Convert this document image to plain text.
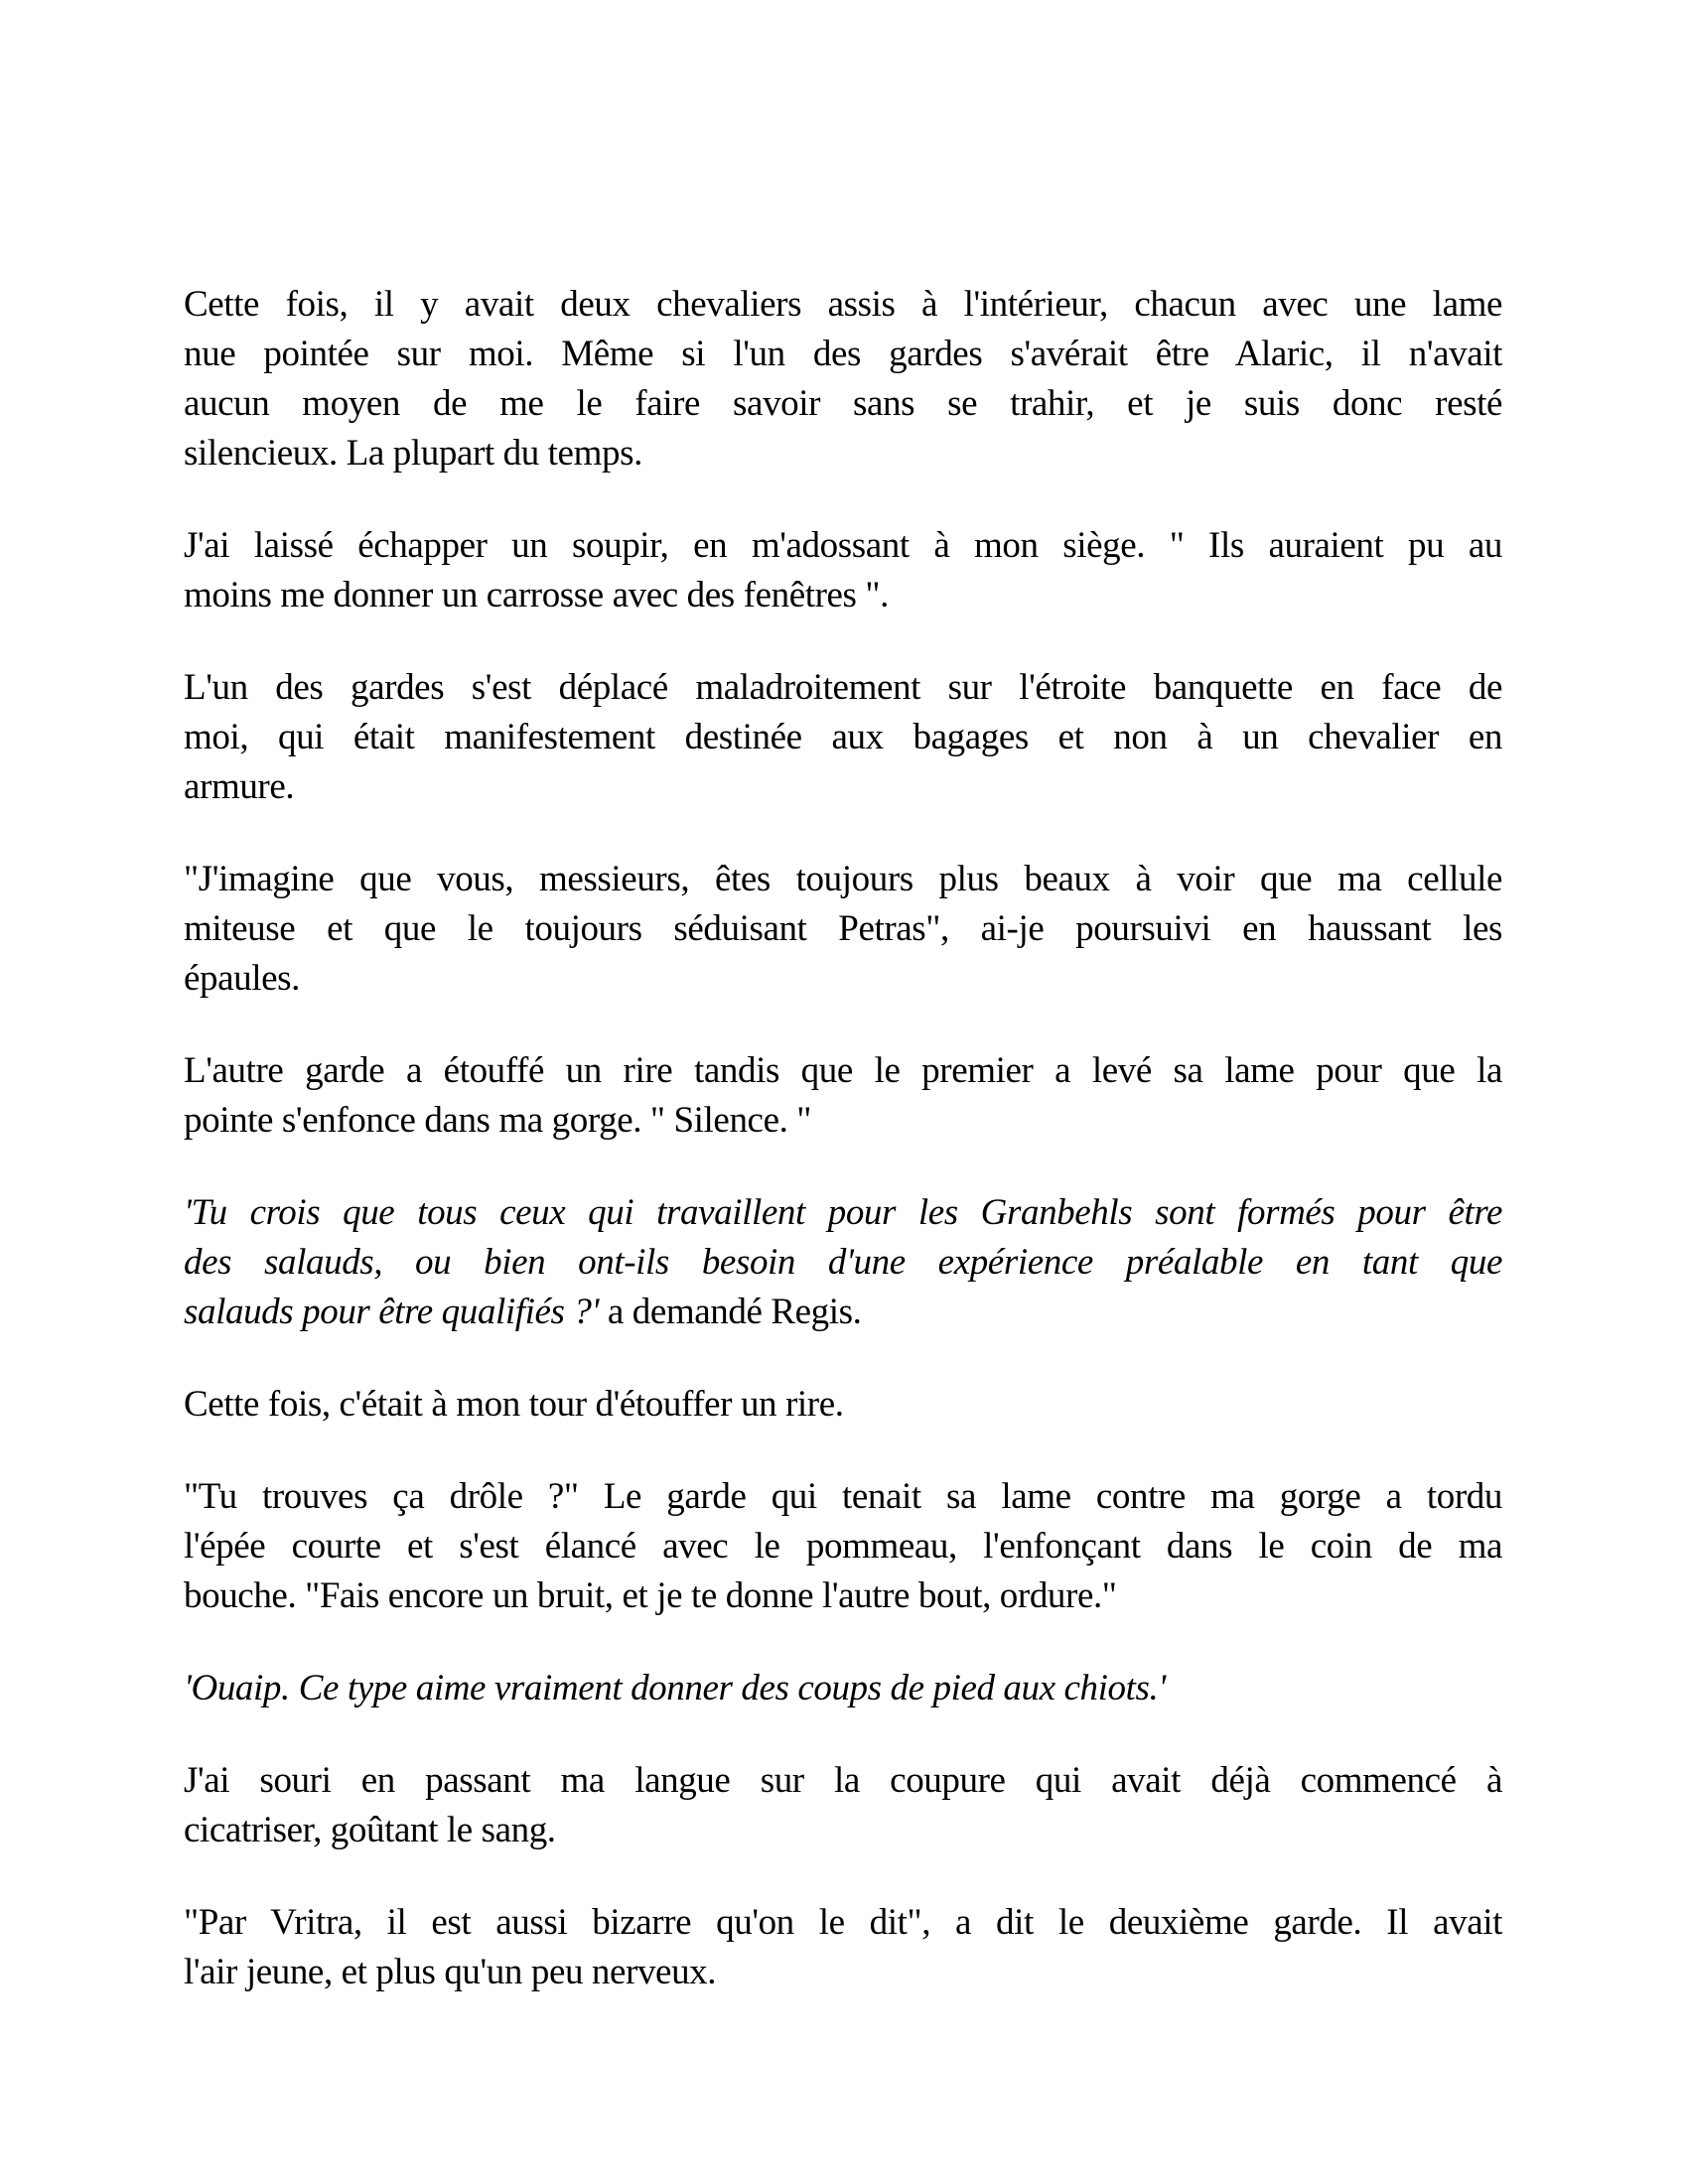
Cette fois, il y avait deux chevaliers assis à l'intérieur, chacun avec une lame
nue pointée sur moi. Même si l'un des gardes s'avérait être Alaric, il n'avait
aucun moyen de me le faire savoir sans se trahir, et je suis donc resté
silencieux. La plupart du temps.
J'ai laissé échapper un soupir, en m'adossant à mon siège. " Ils auraient pu au
moins me donner un carrosse avec des fenêtres ".
L'un des gardes s'est déplacé maladroitement sur l'étroite banquette en face de
moi, qui était manifestement destinée aux bagages et non à un chevalier en
armure.
"J'imagine que vous, messieurs, êtes toujours plus beaux à voir que ma cellule
miteuse et que le toujours séduisant Petras", ai-je poursuivi en haussant les
épaules.
L'autre garde a étouffé un rire tandis que le premier a levé sa lame pour que la
pointe s'enfonce dans ma gorge. " Silence. "
'Tu crois que tous ceux qui travaillent pour les Granbehls sont formés pour être
des salauds, ou bien ont-ils besoin d'une expérience préalable en tant que
salauds pour être qualifiés ?' a demandé Regis.
Cette fois, c'était à mon tour d'étouffer un rire.
"Tu trouves ça drôle ?" Le garde qui tenait sa lame contre ma gorge a tordu
l'épée courte et s'est élancé avec le pommeau, l'enfonçant dans le coin de ma
bouche. "Fais encore un bruit, et je te donne l'autre bout, ordure."
'Ouaip. Ce type aime vraiment donner des coups de pied aux chiots.'
J'ai souri en passant ma langue sur la coupure qui avait déjà commencé à
cicatriser, goûtant le sang.
"Par Vritra, il est aussi bizarre qu'on le dit", a dit le deuxième garde. Il avait
l'air jeune, et plus qu'un peu nerveux.
